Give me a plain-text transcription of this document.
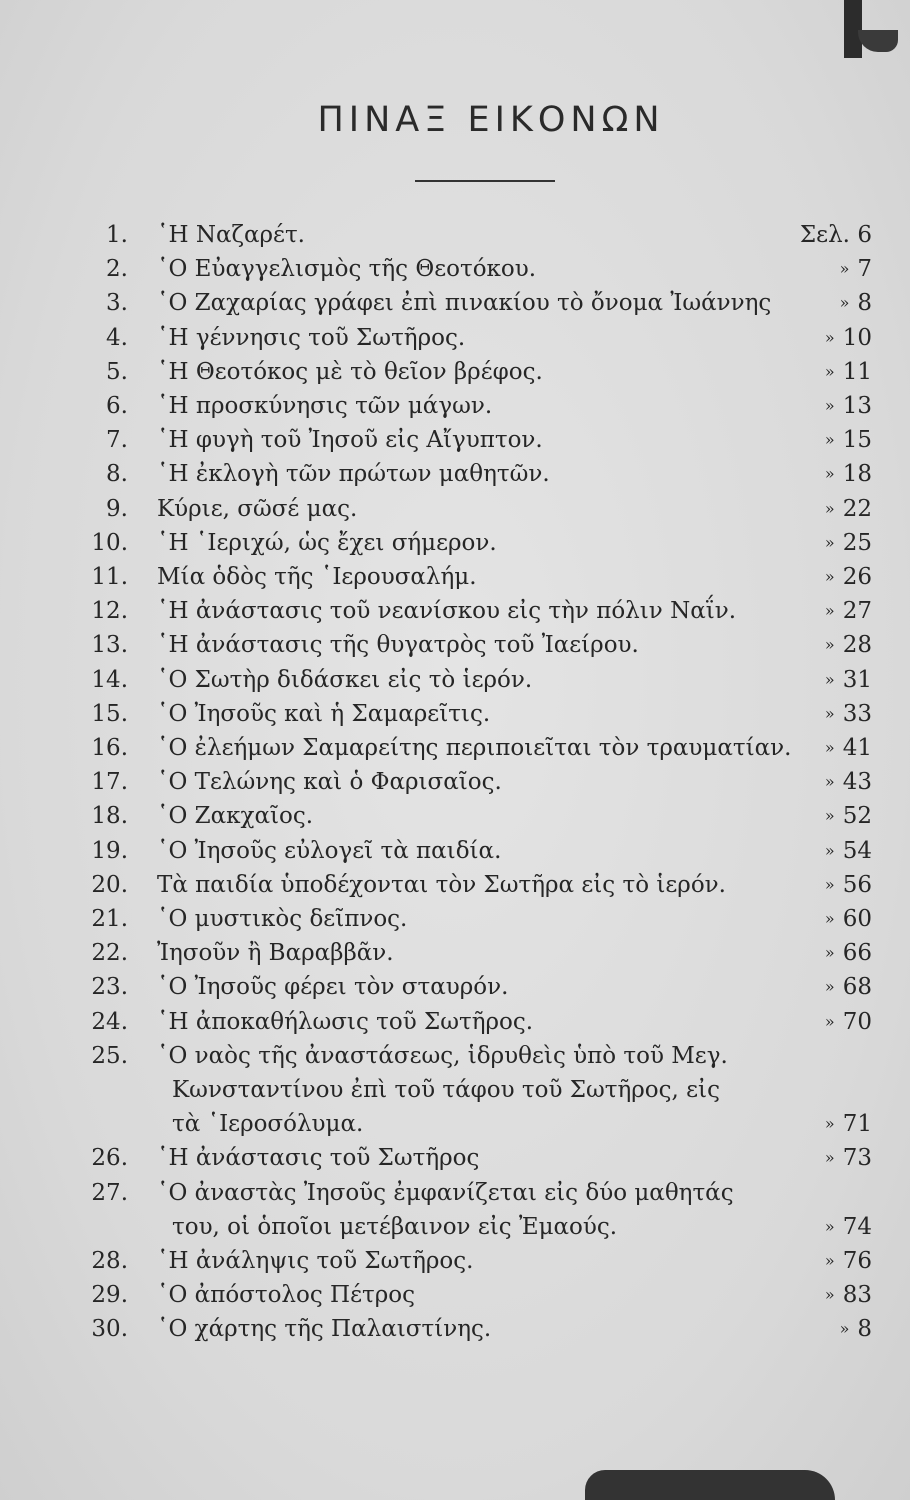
ΠΙΝΑΞ ΕΙΚΟΝΩΝ
1. ῾Η Ναζαρέτ.	Σελ. 6
2. ῾Ο Εὐαγγελισμὸς τῆς Θεοτόκου.	» 7
3. ῾Ο Ζαχαρίας γράφει ἐπὶ πινακίου τὸ ὄνομα Ἰωάννης	» 8
4. ῾Η γέννησις τοῦ Σωτῆρος.	» 10
5. ῾Η Θεοτόκος μὲ τὸ θεῖον βρέφος.	» 11
6. ῾Η πρoσκύνησις τῶν μάγων.	» 13
7. ῾Η φυγὴ τοῦ Ἰησοῦ εἰς Αἴγυπτον.	» 15
8. ῾Η ἐκλογὴ τῶν πρώτων μαθητῶν.	» 18
9. Κύριε, σῶσέ μας.	» 22
10. ῾Η ῾Ιεριχώ, ὡς ἔχει σήμερον.	» 25
11. Μία ὁδὸς τῆς ῾Ιερουσαλήμ.	» 26
12. ῾Η ἀνάστασις τοῦ νεανίσκου εἰς τὴν πόλιν Ναΐν.	» 27
13. ῾Η ἀνάστασις τῆς θυγατρὸς τοῦ Ἰαείρου.	» 28
14. ῾Ο Σωτὴρ διδάσκει εἰς τὸ ἱερόν.	» 31
15. ῾Ο Ἰησοῦς καὶ ἡ Σαμαρεῖτις.	» 33
16. ῾Ο ἐλεήμων Σαμαρείτης περιποιεῖται τὸν τραυματίαν. » 41
17. ῾Ο Τελώνης καὶ ὁ Φαρισαῖος.	» 43
18. ῾Ο Ζακχαῖος.	» 52
19. ῾Ο Ἰησοῦς εὐλογεῖ τὰ παιδία.	» 54
20. Τὰ παιδία ὑποδέχονται τὸν Σωτῆρα εἰς τὸ ἱερόν.	» 56
21. ῾Ο μυστικὸς δεῖπνος.	» 60
22. Ἰησοῦν ἢ Βαραββᾶν.	» 66
23. ῾Ο Ἰησοῦς φέρει τὸν σταυρόν.	» 68
24. ῾Η ἀποκαθήλωσις τοῦ Σωτῆρος.	» 70
25. ῾Ο ναὸς τῆς ἀναστάσεως, ἱδρυθεὶς ὑπὸ τοῦ Μεγ.
Κωνσταντίνου ἐπὶ τοῦ τάφου τοῦ Σωτῆρος, εἰς
τὰ ῾Ιεροσόλυμα.	» 71
26. ῾Η ἀνάστασις τοῦ Σωτῆρος	» 73
27. ῾Ο ἀναστὰς Ἰησοῦς ἐμφανίζεται εἰς δύο μαθητάς
του, οἱ ὁποῖοι μετέβαινον εἰς Ἐμαούς.	» 74
28. ῾Η ἀνάληψις τοῦ Σωτῆρος.	» 76
29. ῾Ο ἀπόστολος Πέτρος	» 83
30. ῾Ο χάρτης τῆς Παλαιστίνης.	» 8
